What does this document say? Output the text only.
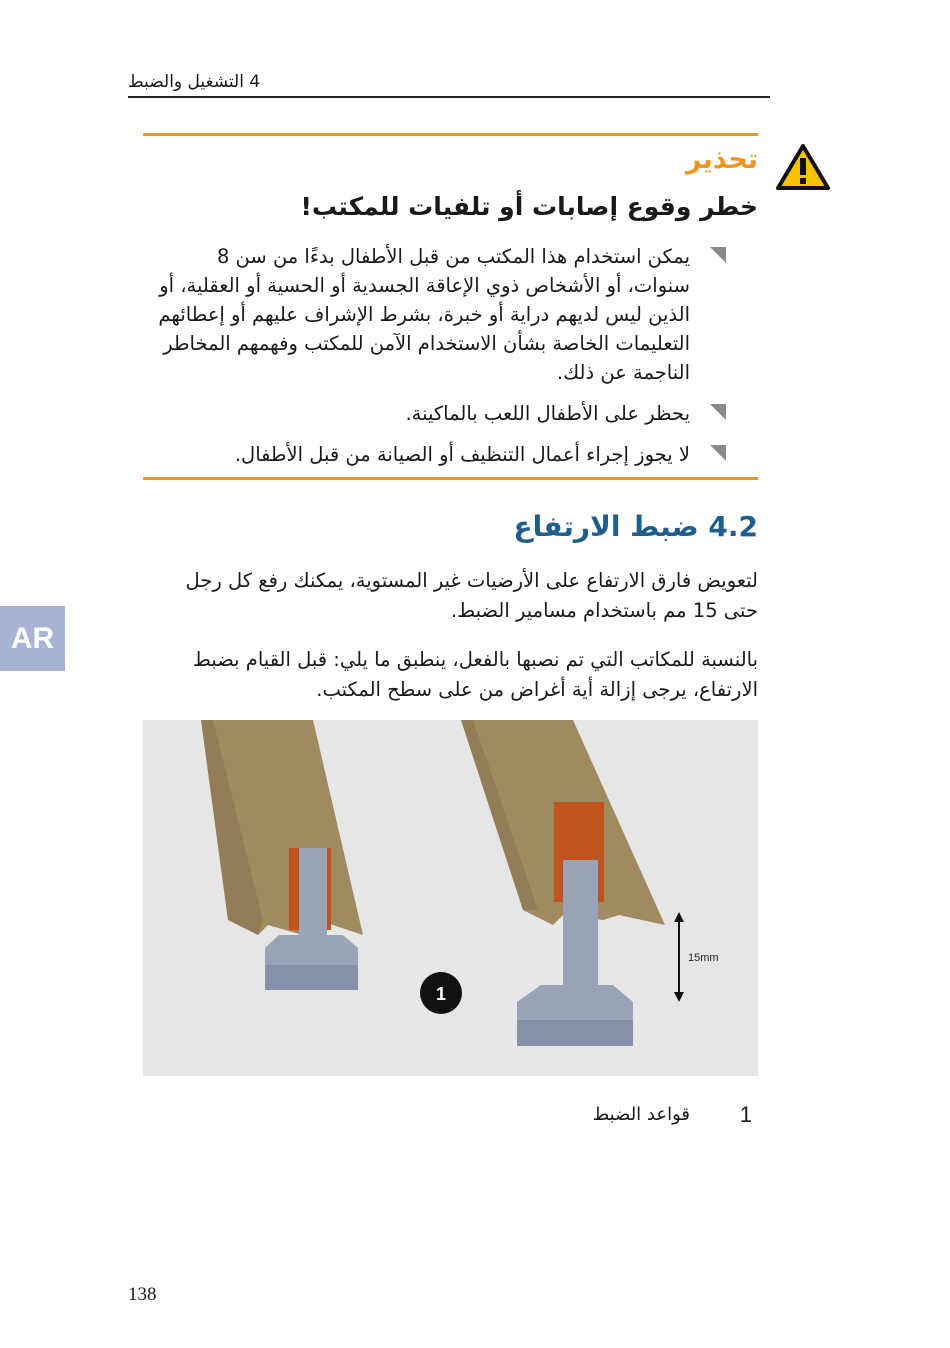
4 التشغيل والضبط
AR
تحذير
خطر وقوع إصابات أو تلفيات للمكتب!
يمكن استخدام هذا المكتب من قبل الأطفال بدءًا من سن 8 سنوات، أو الأشخاص ذوي الإعاقة الجسدية أو الحسية أو العقلية، أو الذين ليس لديهم دراية أو خبرة، بشرط الإشراف عليهم أو إعطائهم التعليمات الخاصة بشأن الاستخدام الآمن للمكتب وفهمهم المخاطر الناجمة عن ذلك.
يحظر على الأطفال اللعب بالماكينة.
لا يجوز إجراء أعمال التنظيف أو الصيانة من قبل الأطفال.
4.2 ضبط الارتفاع
لتعويض فارق الارتفاع على الأرضيات غير المستوية، يمكنك رفع كل رجل حتى 15 مم باستخدام مسامير الضبط.
بالنسبة للمكاتب التي تم نصبها بالفعل، ينطبق ما يلي: قبل القيام بضبط الارتفاع، يرجى إزالة أية أغراض من على سطح المكتب.
15mm
1
1
قواعد الضبط
138
